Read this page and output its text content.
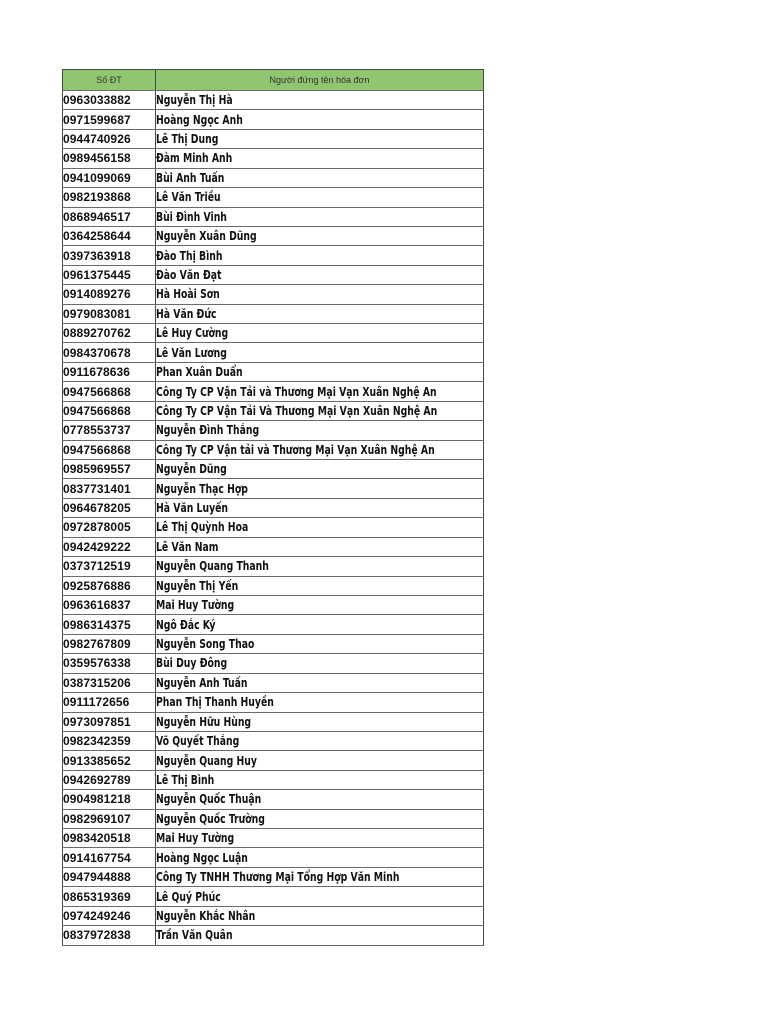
Số ĐT	Người đứng tên hóa đơn
0963033882	Nguyễn Thị Hà
0971599687	Hoàng Ngọc Anh
0944740926	Lê Thị Dung
0989456158	Đàm Minh Anh
0941099069	Bùi Anh Tuấn
0982193868	Lê Văn Triều
0868946517	Bùi Đình Vinh
0364258644	Nguyễn Xuân Dũng
0397363918	Đào Thị Bình
0961375445	Đào Văn Đạt
0914089276	Hà Hoài Sơn
0979083081	Hà Văn Đức
0889270762	Lê Huy Cường
0984370678	Lê Văn Lương
0911678636	Phan Xuân Duẩn
0947566868	Công Ty CP Vận Tải và Thương Mại Vạn Xuân Nghệ An
0947566868	Công Ty CP Vận Tải Và Thương Mại Vạn Xuân Nghệ An
0778553737	Nguyễn Đình Thắng
0947566868	Công Ty CP Vận tải và Thương Mại Vạn Xuân Nghệ An
0985969557	Nguyễn Dũng
0837731401	Nguyễn Thạc Hợp
0964678205	Hà Văn Luyến
0972878005	Lê Thị Quỳnh Hoa
0942429222	Lê Văn Nam
0373712519	Nguyễn Quang Thanh
0925876886	Nguyễn Thị Yến
0963616837	Mai Huy Tường
0986314375	Ngô Đắc Ký
0982767809	Nguyễn Song Thao
0359576338	Bùi Duy Đông
0387315206	Nguyễn Anh Tuấn
0911172656	Phan Thị Thanh Huyền
0973097851	Nguyễn Hữu Hùng
0982342359	Võ Quyết Thắng
0913385652	Nguyễn Quang Huy
0942692789	Lê Thị Bình
0904981218	Nguyễn Quốc Thuận
0982969107	Nguyễn Quốc Trường
0983420518	Mai Huy Tường
0914167754	Hoàng Ngọc Luận
0947944888	Công Ty TNHH Thương Mại Tổng Hợp Văn Minh
0865319369	Lê Quý Phúc
0974249246	Nguyễn Khắc Nhân
0837972838	Trần Văn Quân
